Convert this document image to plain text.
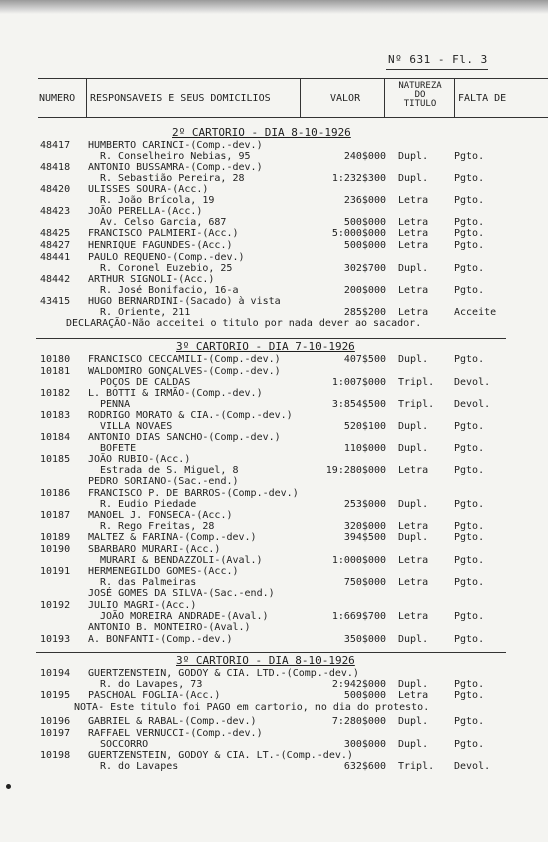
Nº 631 - Fl. 3
NUMERO RESPONSAVEIS E SEUS DOMICILIOS	VALOR
NATUREZA
DO
TITULO	FALTA DE
2º CARTORIO - DIA 8-10-1926
48417 HUMBERTO CARINCI-(Comp.-dev.)
R. Conselheiro Nebias, 95	240$000 Dupl.	Pgto.
48418 ANTONIO BUSSAMRA-(Comp.-dev.)
R. Sebastião Pereira, 28	1:232$300 Dupl.	Pgto.
48420 ULISSES SOURA-(Acc.)
R. João Brícola, 19	236$000 Letra	Pgto.
48423 JOÃO PERELLA-(Acc.)
Av. Celso Garcia, 687	500$000 Letra	Pgto.
48425 FRANCISCO PALMIERI-(Acc.)	5:000$000 Letra	Pgto.
48427 HENRIQUE FAGUNDES-(Acc.)	500$000 Letra	Pgto.
48441 PAULO REQUENO-(Comp.-dev.)
R. Coronel Euzebio, 25	302$700 Dupl.	Pgto.
48442 ARTHUR SIGNOLI-(Acc.)
R. José Bonifacio, 16-a	200$000 Letra	Pgto.
43415 HUGO BERNARDINI-(Sacado) à vista
R. Oriente, 211	285$200 Letra	Acceite
DECLARAÇÃO-Não acceitei o titulo por nada dever ao sacador.
3º CARTORIO - DIA 7-10-1926
10180 FRANCISCO CECCAMILI-(Comp.-dev.)	407$500 Dupl.	Pgto.
10181 WALDOMIRO GONÇALVES-(Comp.-dev.)
POÇOS DE CALDAS	1:007$000 Tripl. Devol.
10182 L. BOTTI & IRMÃO-(Comp.-dev.)
PENNA	3:854$500 Tripl. Devol.
10183 RODRIGO MORATO & CIA.-(Comp.-dev.)
VILLA NOVAES	520$100 Dupl.	Pgto.
10184 ANTONIO DIAS SANCHO-(Comp.-dev.)
BOFETE	110$000 Dupl.	Pgto.
10185 JOÃO RUBIO-(Acc.)
Estrada de S. Miguel, 8	19:280$000 Letra	Pgto.
PEDRO SORIANO-(Sac.-end.)
10186 FRANCISCO P. DE BARROS-(Comp.-dev.)
R. Eudio Piedade	253$000 Dupl.	Pgto.
10187 MANOEL J. FONSECA-(Acc.)
R. Rego Freitas, 28	320$000 Letra	Pgto.
10189 MALTEZ & FARINA-(Comp.-dev.)	394$500 Dupl.	Pgto.
10190 SBARBARO MURARI-(Acc.)
MURARI & BENDAZZOLI-(Aval.)	1:000$000 Letra	Pgto.
10191 HERMENEGILDO GOMES-(Acc.)
R. das Palmeiras	750$000 Letra	Pgto.
JOSÉ GOMES DA SILVA-(Sac.-end.)
10192 JULIO MAGRI-(Acc.)
JOÃO MOREIRA ANDRADE-(Aval.)	1:669$700 Letra	Pgto.
ANTONIO B. MONTEIRO-(Aval.)
10193 A. BONFANTI-(Comp.-dev.)	350$000 Dupl.	Pgto.
3º CARTORIO - DIA 8-10-1926
10194 GUERTZENSTEIN, GODOY & CIA. LTD.-(Comp.-dev.)
R. do Lavapes, 73	2:942$000 Dupl.	Pgto.
10195 PASCHOAL FOGLIA-(Acc.)	500$000 Letra	Pgto.
NOTA- Este titulo foi PAGO em cartorio, no dia do protesto.
10196 GABRIEL & RABAL-(Comp.-dev.)	7:280$000 Dupl.	Pgto.
10197 RAFFAEL VERNUCCI-(Comp.-dev.)
SOCCORRO	300$000 Dupl.	Pgto.
10198 GUERTZENSTEIN, GODOY & CIA. LT.-(Comp.-dev.)
R. do Lavapes	632$600 Tripl. Devol.
